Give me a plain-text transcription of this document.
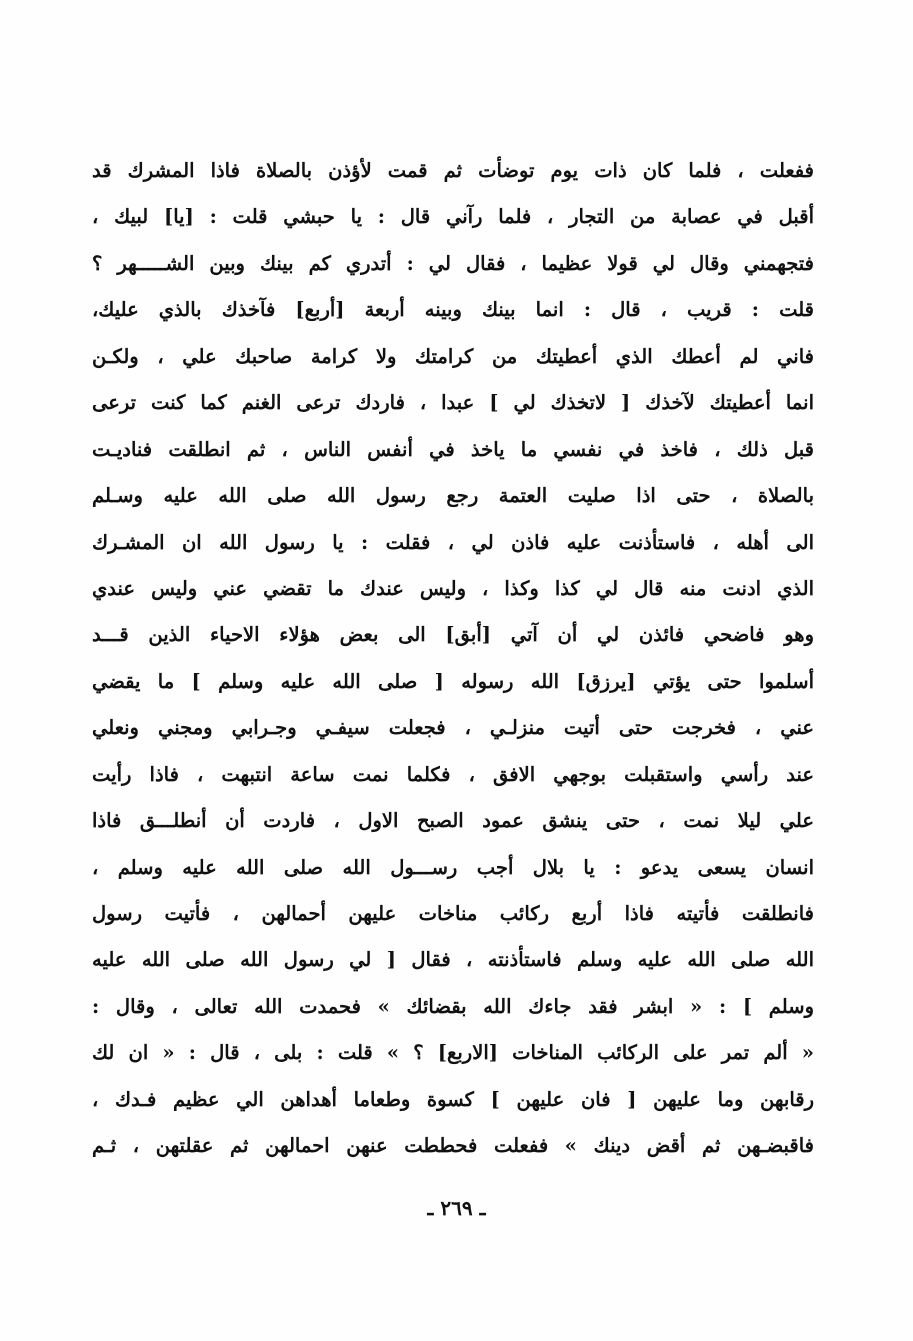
ففعلت ، فلما كان ذات يوم توضأت ثم قمت لأؤذن بالصلاة فاذا المشرك قد
أقبل في عصابة من التجار ، فلما رآني قال : يا حبشي قلت : [يا] لبيك ،
فتجهمني وقال لي قولا عظيما ، فقال لي : أتدري كم بينك وبين الشـــــهر ؟
قلت : قريب ، قال : انما بينك وبينه أربعة [أربع] فآخذك بالذي عليك،
فاني لم أعطك الذي أعطيتك من كرامتك ولا كرامة صاحبك علي ، ولكـن
انما أعطيتك لآخذك [ لاتخذك لي ] عبدا ، فاردك ترعى الغنم كما كنت ترعى
قبل ذلك ، فاخذ في نفسي ما ياخذ في أنفس الناس ، ثم انطلقت فناديـت
بالصلاة ، حتى اذا صليت العتمة رجع رسول الله صلى الله عليه وسـلم
الى أهله ، فاستأذنت عليه فاذن لي ، فقلت : يا رسول الله ان المشـرك
الذي ادنت منه قال لي كذا وكذا ، وليس عندك ما تقضي عني وليس عندي
وهو فاضحي فائذن لي أن آتي [أبق] الى بعض هؤلاء الاحياء الذين قـــد
أسلموا حتى يؤتي [يرزق] الله رسوله [ صلى الله عليه وسلم ] ما يقضي
عني ، فخرجت حتى أتيت منزلـي ، فجعلت سيفـي وجـرابي ومجني ونعلي
عند رأسي واستقبلت بوجهي الافق ، فكلما نمت ساعة انتبهت ، فاذا رأيت
علي ليلا نمت ، حتى ينشق عمود الصبح الاول ، فاردت أن أنطلـــق فاذا
انسان يسعى يدعو : يا بلال أجب رســـول الله صلى الله عليه وسلم ،
فانطلقت فأتيته فاذا أربع ركائب مناخات عليهن أحمالهن ، فأتيت رسول
الله صلى الله عليه وسلم فاستأذنته ، فقال [ لي رسول الله صلى الله عليه
وسلم ] : « ابشر فقد جاءك الله بقضائك » فحمدت الله تعالى ، وقال :
« ألم تمر على الركائب المناخات [الاربع] ؟ » قلت : بلى ، قال : « ان لك
رقابهن وما عليهن [ فان عليهن ] كسوة وطعاما أهداهن الي عظيم فـدك ،
فاقبضـهن ثم أقض دينك » ففعلت فحططت عنهن احمالهن ثم عقلتهن ، ثـم
ـ ٢٦٩ ـ
